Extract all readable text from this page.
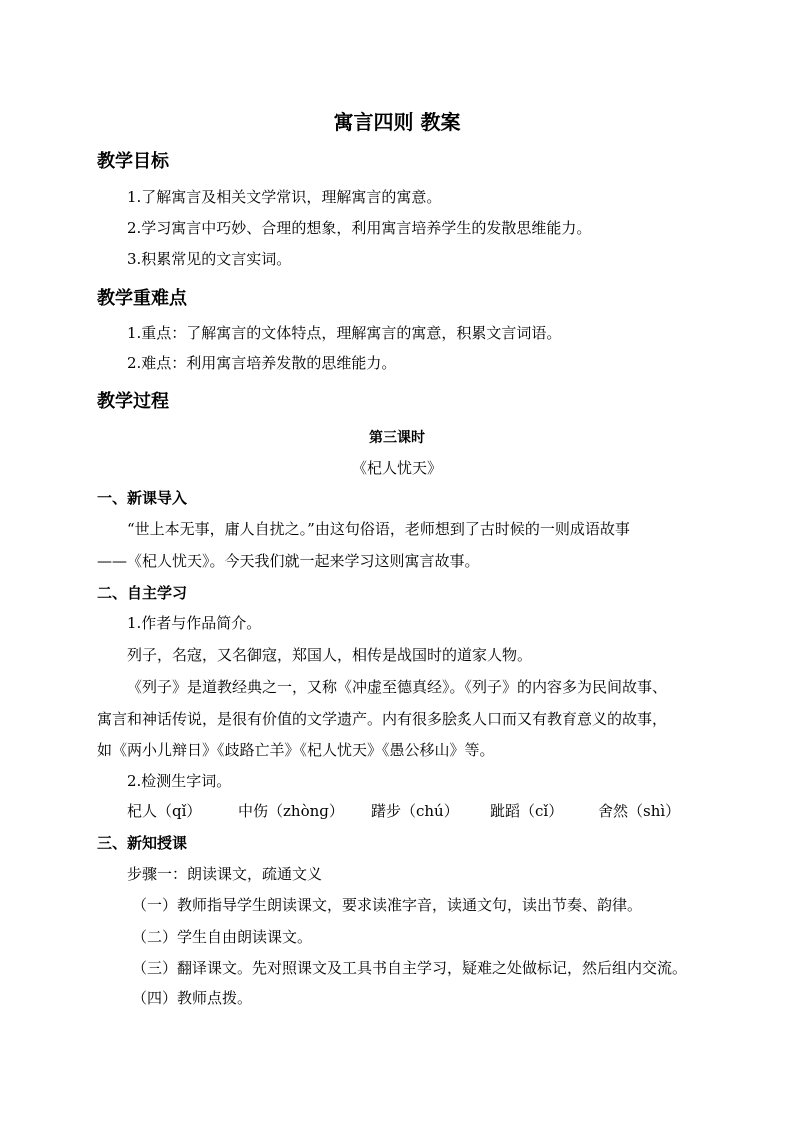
寓言四则 教案
教学目标
1.了解寓言及相关文学常识，理解寓言的寓意。
2.学习寓言中巧妙、合理的想象，利用寓言培养学生的发散思维能力。
3.积累常见的文言实词。
教学重难点
1.重点：了解寓言的文体特点，理解寓言的寓意，积累文言词语。
2.难点：利用寓言培养发散的思维能力。
教学过程
第三课时
《杞人忧天》
一、新课导入
“世上本无事，庸人自扰之。”由这句俗语，老师想到了古时候的一则成语故事
——《杞人忧天》。今天我们就一起来学习这则寓言故事。
二、自主学习
1.作者与作品简介。
列子，名寇，又名御寇，郑国人，相传是战国时的道家人物。
《列子》是道教经典之一，又称《冲虚至德真经》。《列子》的内容多为民间故事、
寓言和神话传说，是很有价值的文学遗产。内有很多脍炙人口而又有教育意义的故事，
如《两小儿辩日》《歧路亡羊》《杞人忧天》《愚公移山》等。
2.检测生字词。
杞人（qǐ） 中伤（zhònɡ） 躇步（chú） 跐蹈（cǐ） 舍然（shì）
三、新知授课
步骤一：朗读课文，疏通文义
（一）教师指导学生朗读课文，要求读准字音，读通文句，读出节奏、韵律。
（二）学生自由朗读课文。
（三）翻译课文。先对照课文及工具书自主学习，疑难之处做标记，然后组内交流。
（四）教师点拨。
